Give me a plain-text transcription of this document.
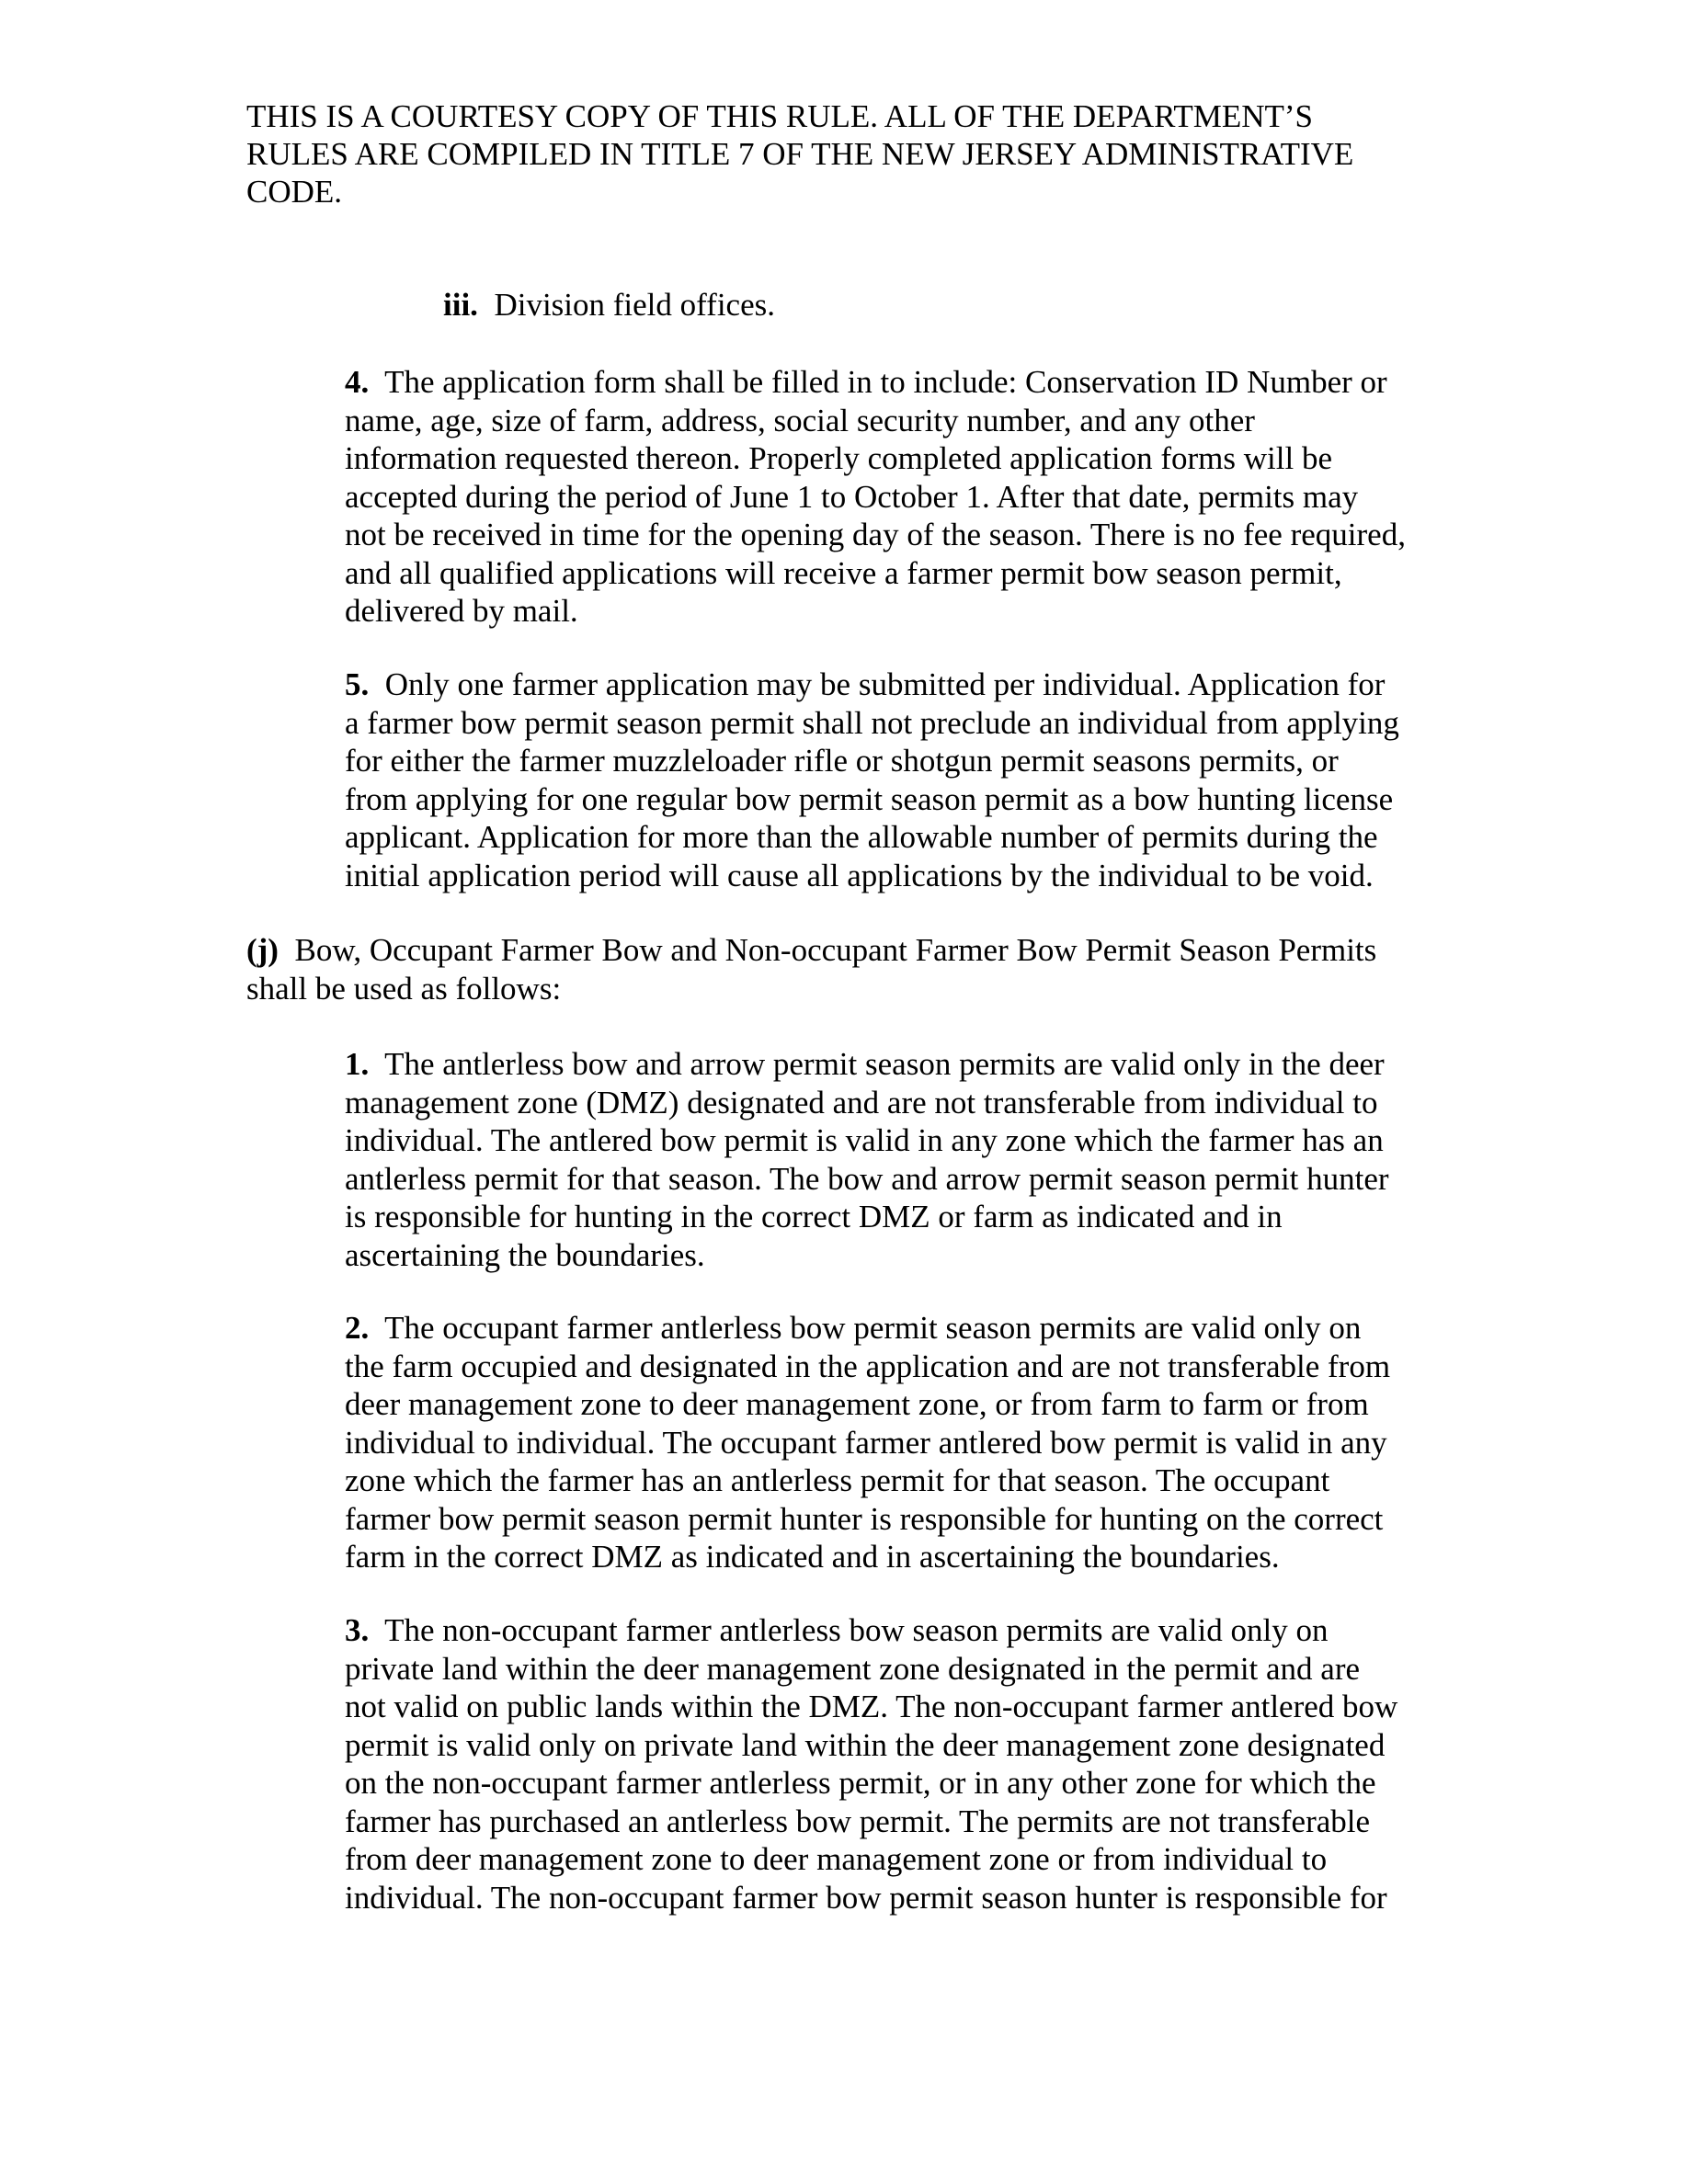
THIS IS A COURTESY COPY OF THIS RULE. ALL OF THE DEPARTMENT’S
RULES ARE COMPILED IN TITLE 7 OF THE NEW JERSEY ADMINISTRATIVE
CODE.
iii. Division field offices.
4. The application form shall be filled in to include: Conservation ID Number or
name, age, size of farm, address, social security number, and any other
information requested thereon. Properly completed application forms will be
accepted during the period of June 1 to October 1. After that date, permits may
not be received in time for the opening day of the season. There is no fee required,
and all qualified applications will receive a farmer permit bow season permit,
delivered by mail.
5. Only one farmer application may be submitted per individual. Application for
a farmer bow permit season permit shall not preclude an individual from applying
for either the farmer muzzleloader rifle or shotgun permit seasons permits, or
from applying for one regular bow permit season permit as a bow hunting license
applicant. Application for more than the allowable number of permits during the
initial application period will cause all applications by the individual to be void.
(j) Bow, Occupant Farmer Bow and Non-occupant Farmer Bow Permit Season Permits
shall be used as follows:
1. The antlerless bow and arrow permit season permits are valid only in the deer
management zone (DMZ) designated and are not transferable from individual to
individual. The antlered bow permit is valid in any zone which the farmer has an
antlerless permit for that season. The bow and arrow permit season permit hunter
is responsible for hunting in the correct DMZ or farm as indicated and in
ascertaining the boundaries.
2. The occupant farmer antlerless bow permit season permits are valid only on
the farm occupied and designated in the application and are not transferable from
deer management zone to deer management zone, or from farm to farm or from
individual to individual. The occupant farmer antlered bow permit is valid in any
zone which the farmer has an antlerless permit for that season. The occupant
farmer bow permit season permit hunter is responsible for hunting on the correct
farm in the correct DMZ as indicated and in ascertaining the boundaries.
3. The non-occupant farmer antlerless bow season permits are valid only on
private land within the deer management zone designated in the permit and are
not valid on public lands within the DMZ. The non-occupant farmer antlered bow
permit is valid only on private land within the deer management zone designated
on the non-occupant farmer antlerless permit, or in any other zone for which the
farmer has purchased an antlerless bow permit. The permits are not transferable
from deer management zone to deer management zone or from individual to
individual. The non-occupant farmer bow permit season hunter is responsible for
